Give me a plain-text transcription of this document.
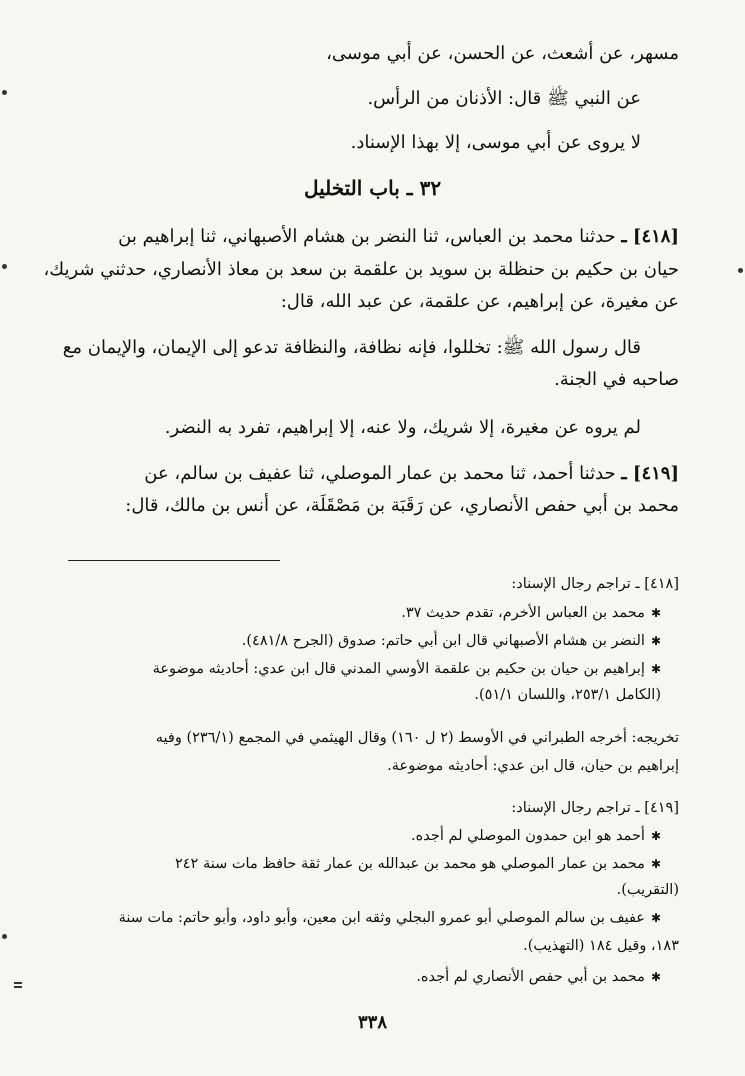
مسهر، عن أشعث، عن الحسن، عن أبي موسى،
عن النبي ﷺ قال: الأذنان من الرأس.
لا يروى عن أبي موسى، إلا بهذا الإسناد.
٣٢ ـ باب التخليل
[٤١٨] ـ حدثنا محمد بن العباس، ثنا النضر بن هشام الأصبهاني، ثنا إبراهيم بن
حيان بن حكيم بن حنظلة بن سويد بن علقمة بن سعد بن معاذ الأنصاري، حدثني شريك،
عن مغيرة، عن إبراهيم، عن علقمة، عن عبد الله، قال:
قال رسول الله ﷺ: تخللوا، فإنه نظافة، والنظافة تدعو إلى الإيمان، والإيمان مع
صاحبه في الجنة.
لم يروه عن مغيرة، إلا شريك، ولا عنه، إلا إبراهيم، تفرد به النضر.
[٤١٩] ـ حدثنا أحمد، ثنا محمد بن عمار الموصلي، ثنا عفيف بن سالم، عن
محمد بن أبي حفص الأنصاري، عن رَقَبَة بن مَصْقَلَة، عن أنس بن مالك، قال:
[٤١٨] ـ تراجم رجال الإسناد:
✱محمد بن العباس الأخرم، تقدم حديث ٣٧.
✱النضر بن هشام الأصبهاني قال ابن أبي حاتم: صدوق (الجرح ٤٨١/٨).
✱إبراهيم بن حيان بن حكيم بن علقمة الأوسي المدني قال ابن عدي: أحاديثه موضوعة
(الكامل ٢٥٣/١، واللسان ٥١/١).
تخريجه: أخرجه الطبراني في الأوسط (٢ ل ١٦٠) وقال الهيثمي في المجمع (٢٣٦/١) وفيه
إبراهيم بن حيان، قال ابن عدي: أحاديثه موضوعة.
[٤١٩] ـ تراجم رجال الإسناد:
✱أحمد هو ابن حمدون الموصلي لم أجده.
✱محمد بن عمار الموصلي هو محمد بن عبدالله بن عمار ثقة حافظ مات سنة ٢٤٢
(التقريب).
✱عفيف بن سالم الموصلي أبو عمرو البجلي وثقه ابن معين، وأبو داود، وأبو حاتم: مات سنة
١٨٣، وقيل ١٨٤ (التهذيب).
✱محمد بن أبي حفص الأنصاري لم أجده.
٣٣٨
